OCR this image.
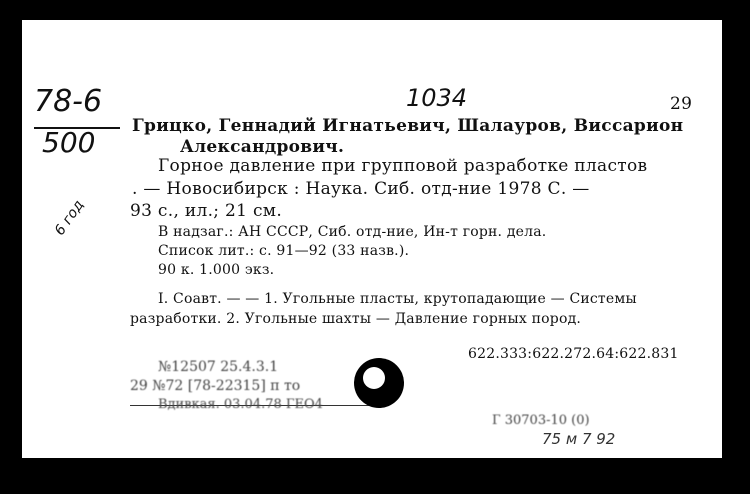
78-6
500
1034	29
6 год
Грицко, Геннадий Игнатьевич, Шалауров, Виссарион
Александрович.
Горное давление при групповой разработке пластов
. — Новосибирск : Наука. Сиб. отд-ние 1978 С. —
93 с., ил.; 21 см.
В надзаг.: АН СССР, Сиб. отд-ние, Ин-т горн. дела.
Список лит.: с. 91—92 (33 назв.).
90 к. 1.000 экз.
I. Соавт. — — 1. Угольные пласты, крутопадающие — Системы
разработки. 2. Угольные шахты — Давление горных пород.
622.333:622.272.64:622.831
№12507 25.4.3.1
29 №72 [78-22315] п то
Вдивкая. 03.04.78 ГЕО4
Г 30703-10 (0)
75 м 7 92
